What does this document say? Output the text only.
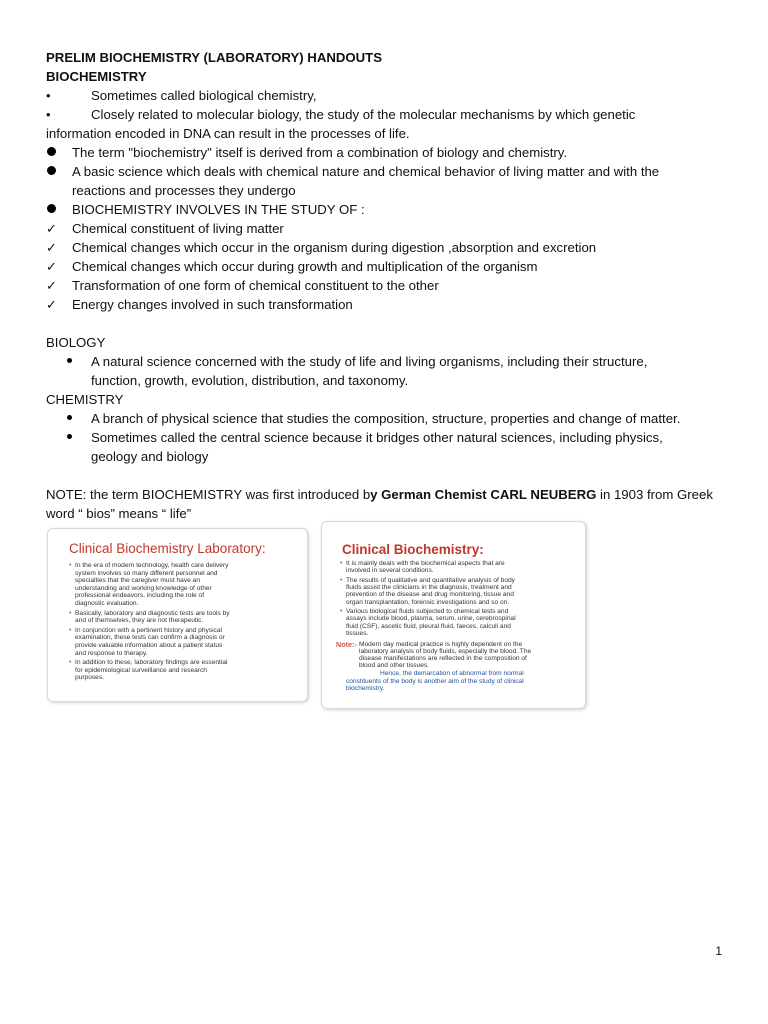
PRELIM BIOCHEMISTRY (LABORATORY) HANDOUTS
BIOCHEMISTRY
•	Sometimes called biological chemistry,
•	Closely related to molecular biology, the study of the molecular mechanisms by which genetic
information encoded in DNA can result in the processes of life.
The term "biochemistry" itself is derived from a combination of biology and chemistry.
A basic science which deals with chemical nature and chemical behavior of living matter and with the
reactions and processes they undergo
BIOCHEMISTRY INVOLVES IN THE STUDY OF :
✓ Chemical constituent of living matter
✓ Chemical changes which occur in the organism during digestion ,absorption and excretion
✓ Chemical changes which occur during growth and multiplication of the organism
✓ Transformation of one form of chemical constituent to the other
✓ Energy changes involved in such transformation
BIOLOGY
A natural science concerned with the study of life and living organisms, including their structure,
function, growth, evolution, distribution, and taxonomy.
CHEMISTRY
A branch of physical science that studies the composition, structure, properties and change of matter.
Sometimes called the central science because it bridges other natural sciences, including physics,
geology and biology
NOTE: the term BIOCHEMISTRY was first introduced by German Chemist CARL NEUBERG in 1903 from Greek
word “ bios” means “ life”
Clinical Biochemistry Laboratory:
In the era of modern technology, health care delivery
•
system involves so many different personnel and
specialties that the caregiver must have an
understanding and working knowledge of other
professional endeavors, including the role of
diagnostic evaluation.
Basically, laboratory and diagnostic tests are tools by
•
and of themselves, they are not therapeutic.
In conjunction with a pertinent history and physical
•
examination, these tests can confirm a diagnosis or
provide valuable information about a patient status
and response to therapy.
In addition to these, laboratory findings are essential
•
for epidemiological surveillance and research
purposes.
Clinical Biochemistry:
It is mainly deals with the biochemical aspects that are
•
involved in several conditions.
The results of qualitative and quantitative analysis of body
•
fluids assist the clinicians in the diagnosis, treatment and
prevention of the disease and drug monitoring, tissue and
organ transplantation, forensic investigations and so on.
Various biological fluids subjected to chemical tests and
•
assays include blood, plasma, serum, urine, cerebrospinal
fluid (CSF), ascetic fluid, pleural fluid, faeces, calculi and
tissues.
Note:- Modern day medical practice is highly dependent on the
laboratory analysis of body fluids, especially the blood. The
disease manifestations are reflected in the composition of
blood and other tissues.
Hence, the demarcation of abnormal from normal
constituents of the body is another aim of the study of clinical
biochemistry.
1
